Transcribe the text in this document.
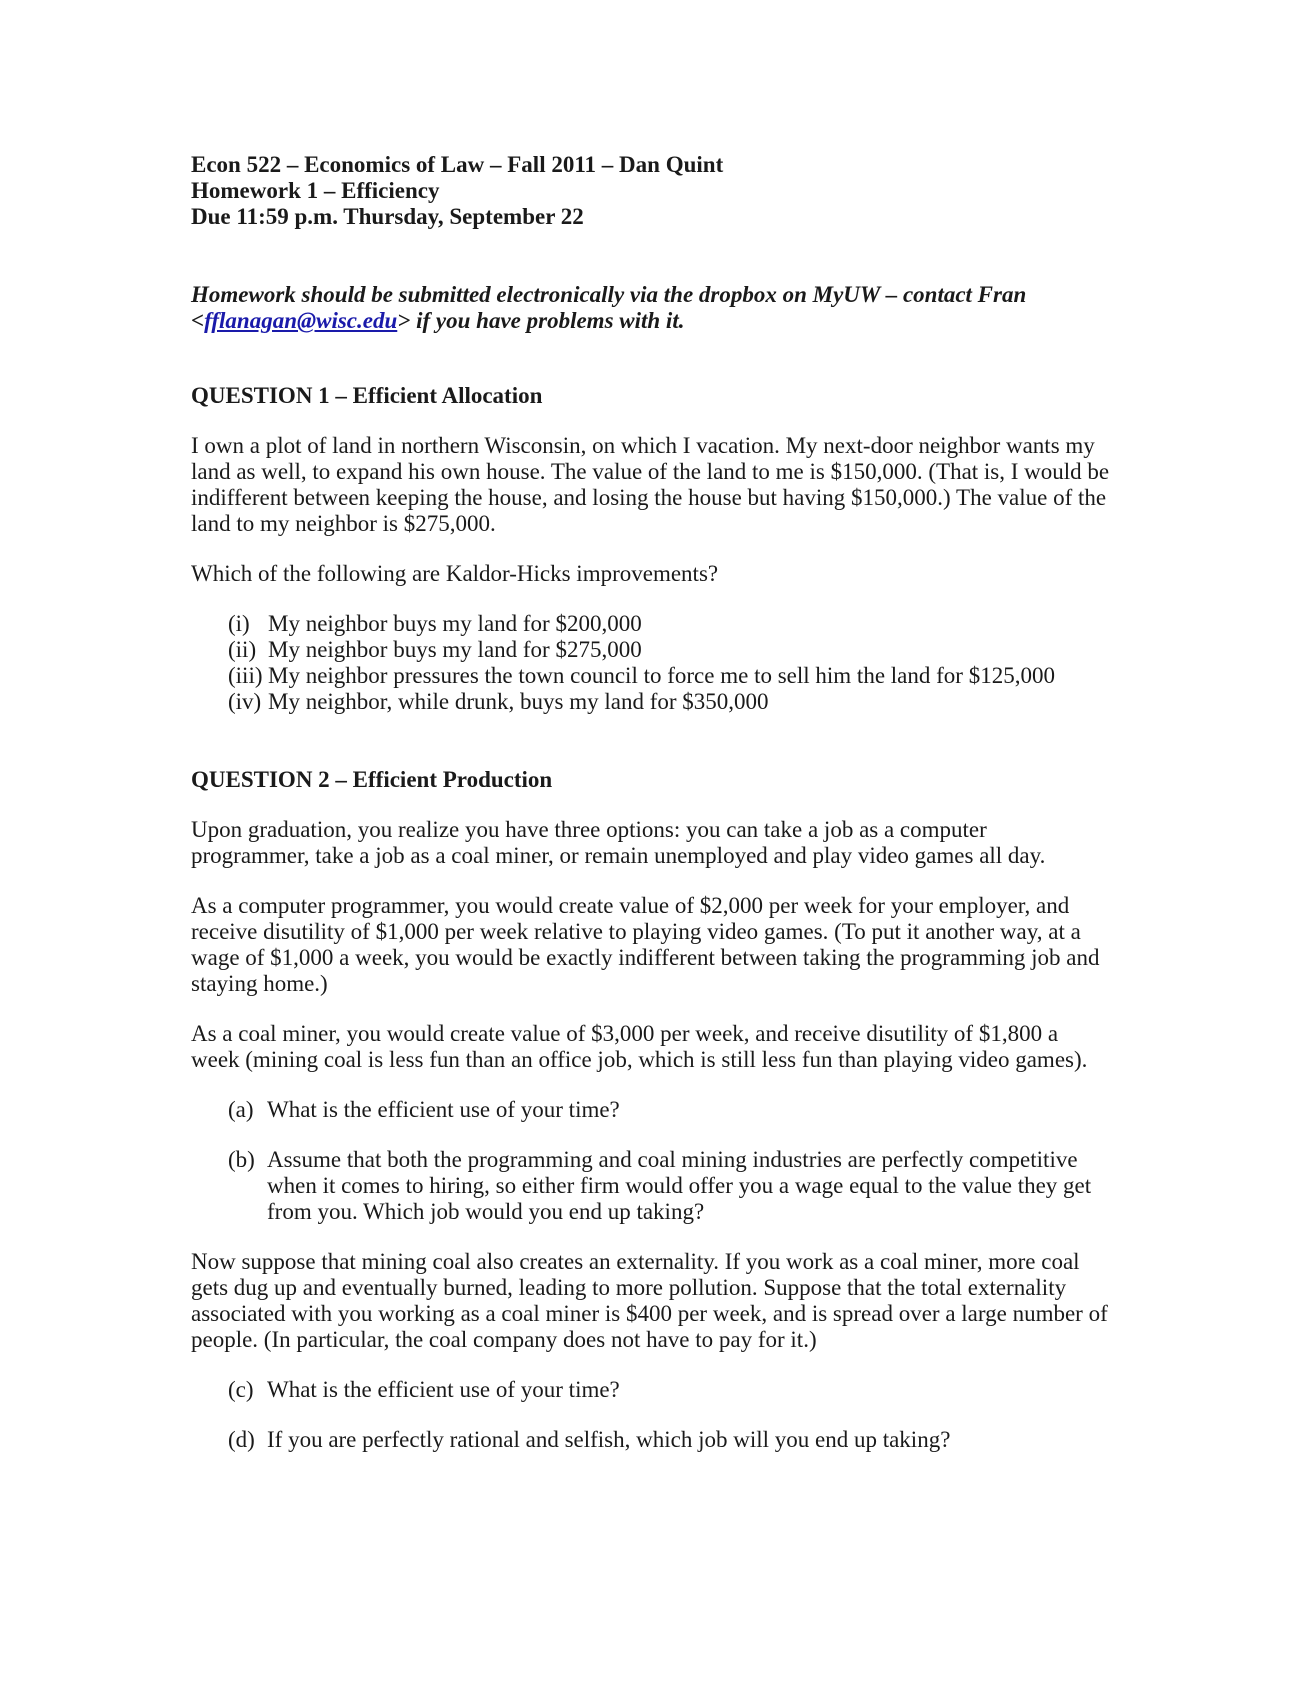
Econ 522 – Economics of Law – Fall 2011 – Dan Quint

Homework 1 – Efficiency

Due 11:59 p.m. Thursday, September 22

Homework should be submitted electronically via the dropbox on MyUW – contact Fran
<fflanagan@wisc.edu> if you have problems with it.

QUESTION 1 – Efficient Allocation

I own a plot of land in northern Wisconsin, on which I vacation. My next-door neighbor wants my land as well, to expand his own house. The value of the land to me is $150,000. (That is, I would be indifferent between keeping the house, and losing the house but having $150,000.) The value of the land to my neighbor is $275,000.

Which of the following are Kaldor-Hicks improvements?

(i) My neighbor buys my land for $200,000
(ii) My neighbor buys my land for $275,000
(iii) My neighbor pressures the town council to force me to sell him the land for $125,000
(iv) My neighbor, while drunk, buys my land for $350,000

QUESTION 2 – Efficient Production

Upon graduation, you realize you have three options: you can take a job as a computer programmer, take a job as a coal miner, or remain unemployed and play video games all day.

As a computer programmer, you would create value of $2,000 per week for your employer, and receive disutility of $1,000 per week relative to playing video games. (To put it another way, at a wage of $1,000 a week, you would be exactly indifferent between taking the programming job and staying home.)

As a coal miner, you would create value of $3,000 per week, and receive disutility of $1,800 a week (mining coal is less fun than an office job, which is still less fun than playing video games).

(a) What is the efficient use of your time?
(b) Assume that both the programming and coal mining industries are perfectly competitive when it comes to hiring, so either firm would offer you a wage equal to the value they get from you. Which job would you end up taking?

Now suppose that mining coal also creates an externality. If you work as a coal miner, more coal gets dug up and eventually burned, leading to more pollution. Suppose that the total externality associated with you working as a coal miner is $400 per week, and is spread over a large number of people. (In particular, the coal company does not have to pay for it.)

(c) What is the efficient use of your time?
(d) If you are perfectly rational and selfish, which job will you end up taking?
